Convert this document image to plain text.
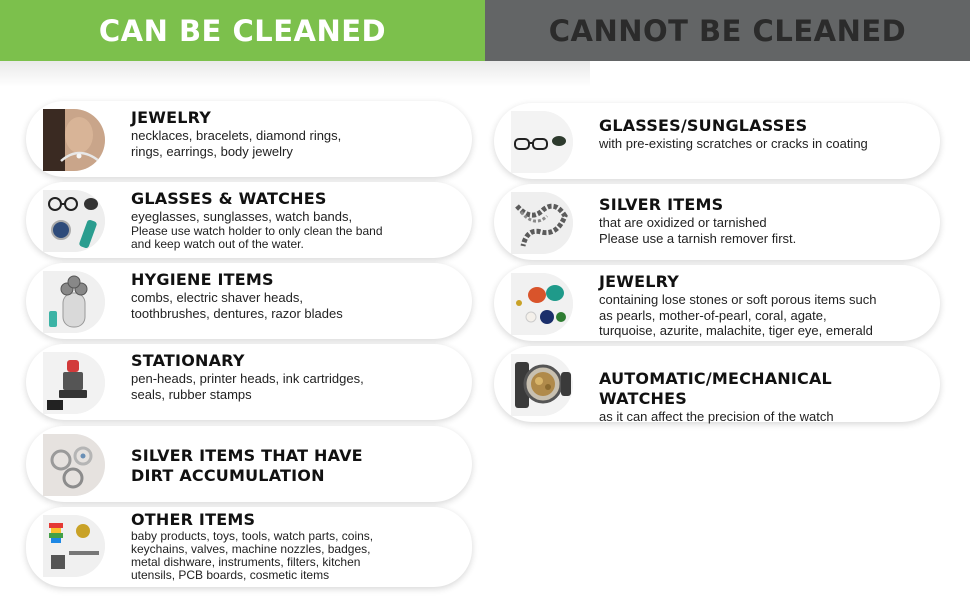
CAN BE CLEANED	CANNOT BE CLEANED
JEWELRY
necklaces, bracelets, diamond rings,
rings, earrings, body jewelry
GLASSES & WATCHES
eyeglasses, sunglasses, watch bands,
Please use watch holder to only clean the band
and keep watch out of the water.
HYGIENE ITEMS
combs, electric shaver heads,
toothbrushes, dentures, razor blades
STATIONARY
pen-heads, printer heads, ink cartridges,
seals, rubber stamps
SILVER ITEMS THAT HAVE
DIRT ACCUMULATION
OTHER ITEMS
baby products, toys, tools, watch parts, coins,
keychains, valves, machine nozzles, badges,
metal dishware, instruments, filters, kitchen
utensils, PCB boards, cosmetic items
GLASSES/SUNGLASSES
with pre-existing scratches or cracks in coating
SILVER ITEMS
that are oxidized or tarnished
Please use a tarnish remover first.
JEWELRY
containing lose stones or soft porous items such
as pearls, mother-of-pearl, coral, agate,
turquoise, azurite, malachite, tiger eye, emerald
AUTOMATIC/MECHANICAL WATCHES
as it can affect the precision of the watch
